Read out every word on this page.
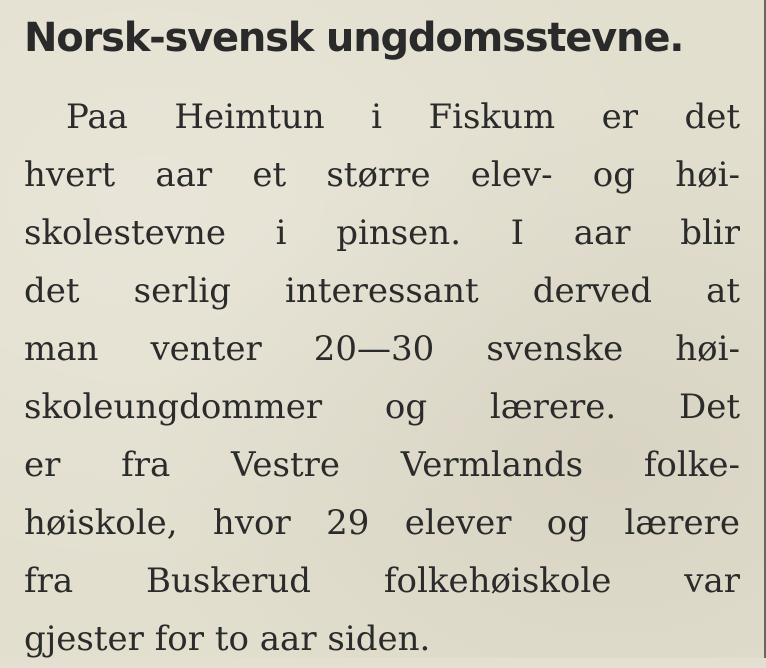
Norsk-svensk ungdomsstevne.
Paa Heimtun i Fiskum er det
hvert aar et større elev- og høi-
skolestevne i pinsen. I aar blir
det serlig interessant derved at
man venter 20—30 svenske høi-
skoleungdommer og lærere. Det
er fra Vestre Vermlands folke-
høiskole, hvor 29 elever og lærere
fra Buskerud folkehøiskole var
gjester for to aar siden.
